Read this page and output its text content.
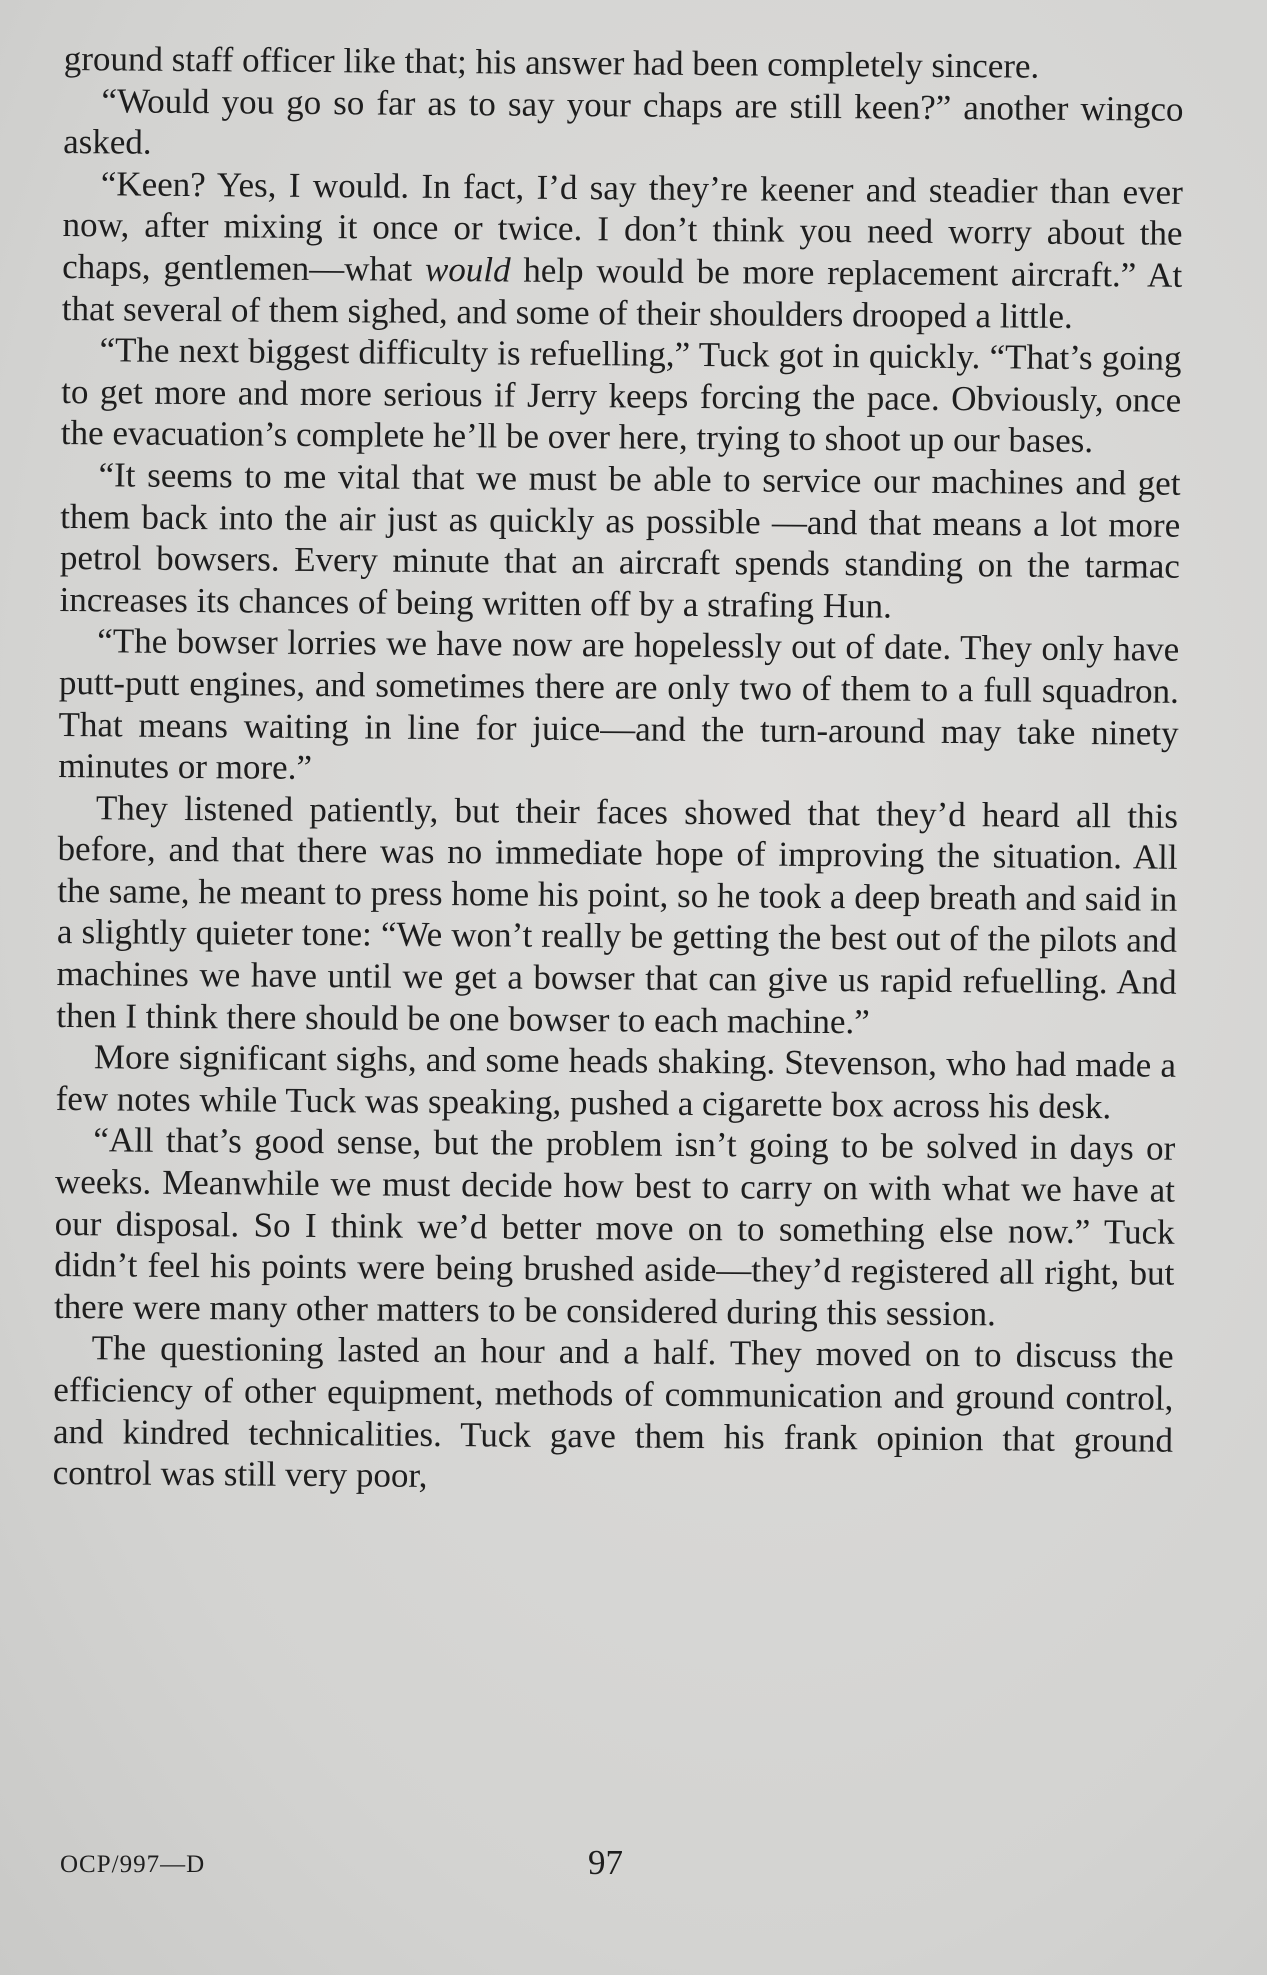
ground staff officer like that; his answer had been completely sincere.

“Would you go so far as to say your chaps are still keen?” another wingco asked.

“Keen? Yes, I would. In fact, I’d say they’re keener and steadier than ever now, after mixing it once or twice. I don’t think you need worry about the chaps, gentlemen—what would help would be more replacement aircraft.” At that several of them sighed, and some of their shoulders drooped a little.

“The next biggest difficulty is refuelling,” Tuck got in quickly. “That’s going to get more and more serious if Jerry keeps forcing the pace. Obviously, once the evacuation’s complete he’ll be over here, trying to shoot up our bases.

“It seems to me vital that we must be able to service our machines and get them back into the air just as quickly as possible —and that means a lot more petrol bowsers. Every minute that an aircraft spends standing on the tarmac increases its chances of being written off by a strafing Hun.

“The bowser lorries we have now are hopelessly out of date. They only have putt-putt engines, and sometimes there are only two of them to a full squadron. That means waiting in line for juice—and the turn-around may take ninety minutes or more.”

They listened patiently, but their faces showed that they’d heard all this before, and that there was no immediate hope of improving the situation. All the same, he meant to press home his point, so he took a deep breath and said in a slightly quieter tone: “We won’t really be getting the best out of the pilots and machines we have until we get a bowser that can give us rapid refuelling. And then I think there should be one bowser to each machine.”

More significant sighs, and some heads shaking. Stevenson, who had made a few notes while Tuck was speaking, pushed a cigarette box across his desk.

“All that’s good sense, but the problem isn’t going to be solved in days or weeks. Meanwhile we must decide how best to carry on with what we have at our disposal. So I think we’d better move on to something else now.” Tuck didn’t feel his points were being brushed aside—they’d registered all right, but there were many other matters to be considered during this session.

The questioning lasted an hour and a half. They moved on to discuss the efficiency of other equipment, methods of communication and ground control, and kindred technicalities. Tuck gave them his frank opinion that ground control was still very poor,

OCP/997—D	97
